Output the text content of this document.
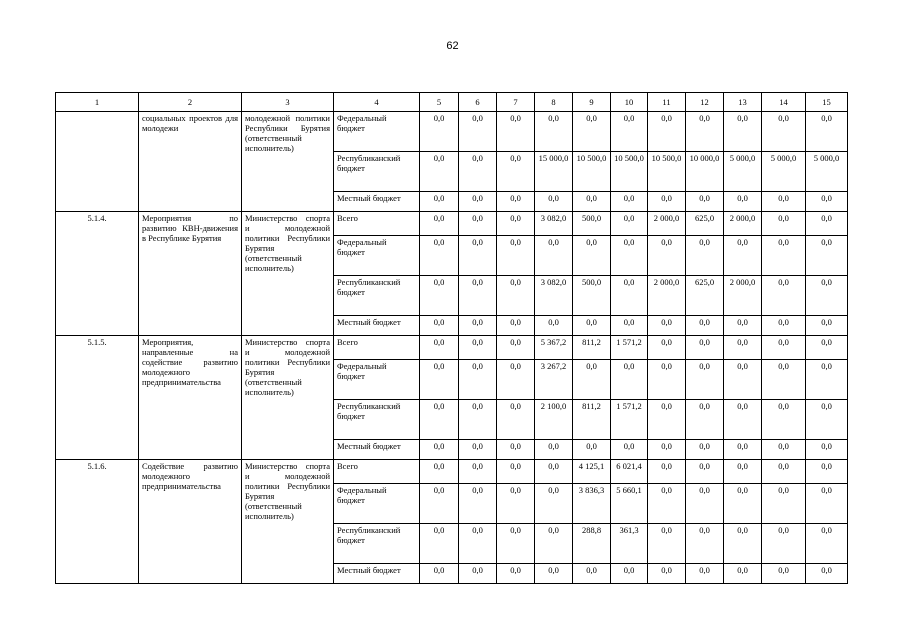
62
1	2	3	4	5	6	7	8	9	10	11	12	13	14	15
	социальных проектов для молодежи	молодежной политики Республики Бурятия (ответственный исполнитель)	Федеральный бюджет	0,0	0,0	0,0	0,0	0,0	0,0	0,0	0,0	0,0	0,0	0,0
			Республиканский бюджет	0,0	0,0	0,0	15 000,0	10 500,0	10 500,0	10 500,0	10 000,0	5 000,0	5 000,0	5 000,0
			Местный бюджет	0,0	0,0	0,0	0,0	0,0	0,0	0,0	0,0	0,0	0,0	0,0
5.1.4.	Мероприятия по развитию КВН-движения в Республике Бурятия	Министерство спорта и молодежной политики Республики Бурятия (ответственный исполнитель)	Всего	0,0	0,0	0,0	3 082,0	500,0	0,0	2 000,0	625,0	2 000,0	0,0	0,0
			Федеральный бюджет	0,0	0,0	0,0	0,0	0,0	0,0	0,0	0,0	0,0	0,0	0,0
			Республиканский бюджет	0,0	0,0	0,0	3 082,0	500,0	0,0	2 000,0	625,0	2 000,0	0,0	0,0
			Местный бюджет	0,0	0,0	0,0	0,0	0,0	0,0	0,0	0,0	0,0	0,0	0,0
5.1.5.	Мероприятия, направленные на содействие развитию молодежного предпринимательства	Министерство спорта и молодежной политики Республики Бурятия (ответственный исполнитель)	Всего	0,0	0,0	0,0	5 367,2	811,2	1 571,2	0,0	0,0	0,0	0,0	0,0
			Федеральный бюджет	0,0	0,0	0,0	3 267,2	0,0	0,0	0,0	0,0	0,0	0,0	0,0
			Республиканский бюджет	0,0	0,0	0,0	2 100,0	811,2	1 571,2	0,0	0,0	0,0	0,0	0,0
			Местный бюджет	0,0	0,0	0,0	0,0	0,0	0,0	0,0	0,0	0,0	0,0	0,0
5.1.6.	Содействие развитию молодежного предпринимательства	Министерство спорта и молодежной политики Республики Бурятия (ответственный исполнитель)	Всего	0,0	0,0	0,0	0,0	4 125,1	6 021,4	0,0	0,0	0,0	0,0	0,0
			Федеральный бюджет	0,0	0,0	0,0	0,0	3 836,3	5 660,1	0,0	0,0	0,0	0,0	0,0
			Республиканский бюджет	0,0	0,0	0,0	0,0	288,8	361,3	0,0	0,0	0,0	0,0	0,0
			Местный бюджет	0,0	0,0	0,0	0,0	0,0	0,0	0,0	0,0	0,0	0,0	0,0
